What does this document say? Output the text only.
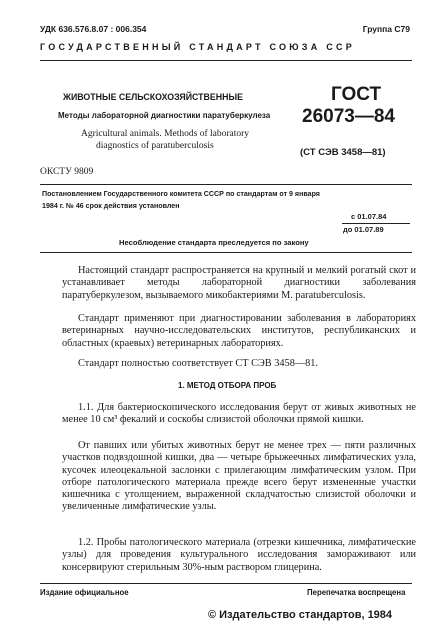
УДК 636.576.8.07 : 006.354	Группа С79
ГОСУДАРСТВЕННЫЙ СТАНДАРТ СОЮЗА ССР
ЖИВОТНЫЕ СЕЛЬСКОХОЗЯЙСТВЕННЫЕ
Методы лабораторной диагностики паратуберкулеза
Agricultural animals. Methods of laboratory
diagnostics of paratuberculosis
ГОСТ
26073—84
(СТ СЭВ 3458—81)
ОКСТУ 9809
Постановлением Государственного комитета СССР по стандартам от 9 января
1984 г. № 46 срок действия установлен
с 01.07.84
до 01.07.89
Несоблюдение стандарта преследуется по закону
Настоящий стандарт распространяется на крупный и мелкий рогатый скот и устанавливает методы лабораторной диагностики заболевания паратуберкулезом, вызываемого микобактериями M. paratuberculosis.
Стандарт применяют при диагностировании заболевания в лабораториях ветеринарных научно-исследовательских институтов, республиканских и областных (краевых) ветеринарных лабораториях.
Стандарт полностью соответствует СТ СЭВ 3458—81.
1. МЕТОД ОТБОРА ПРОБ
1.1. Для бактериоскопического исследования берут от живых животных не менее 10 см³ фекалий и соскобы слизистой оболочки прямой кишки.
От павших или убитых животных берут не менее трех — пяти различных участков подвздошной кишки, два — четыре брыжеечных лимфатических узла, кусочек илеоцекальной заслонки с прилегающим лимфатическим узлом. При отборе патологического материала прежде всего берут измененные участки кишечника с утолщением, выраженной складчатостью слизистой оболочки и увеличенные лимфатические узлы.
1.2. Пробы патологического материала (отрезки кишечника, лимфатические узлы) для проведения культурального исследования замораживают или консервируют стерильным 30%-ным раствором глицерина.
Издание официальное	Перепечатка воспрещена
© Издательство стандартов, 1984
